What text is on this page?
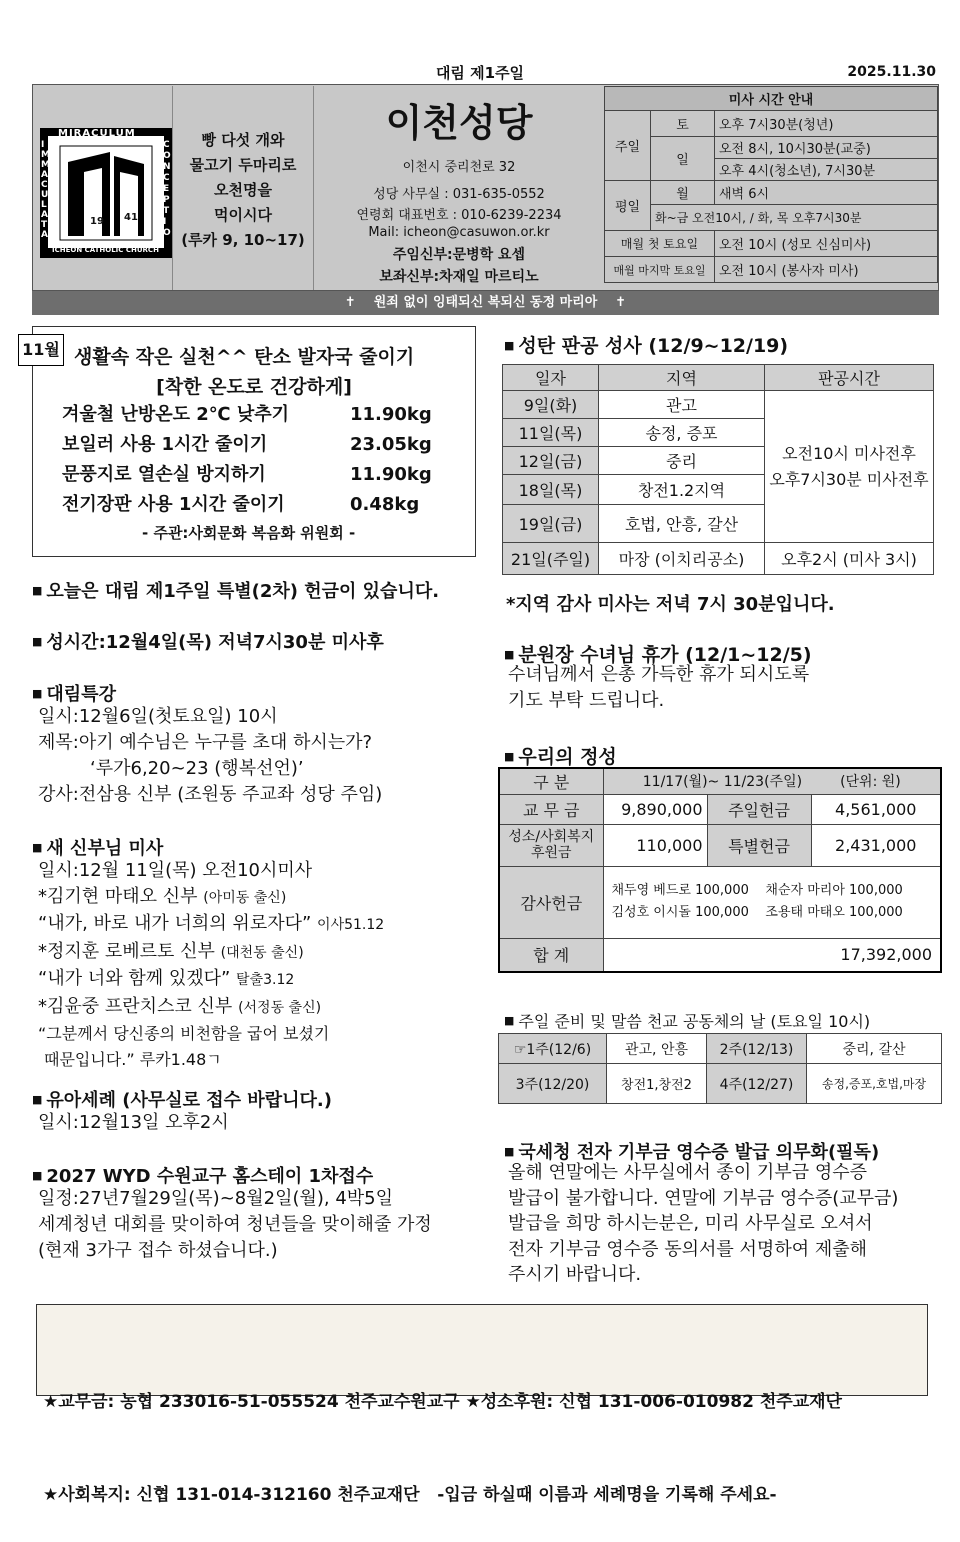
대림 제1주일	2025.11.30
MIRACULUM
ICHEON CATHOLIC CHURCH
IMMACULATA
CONCEPTIO
19 41
빵 다섯 개와
물고기 두마리로
오천명을
먹이시다
(루카 9, 10~17)
이천성당
이천시 중리천로 32
성당 사무실 : 031-635-0552
연령회 대표번호 : 010-6239-2234
Mail: icheon@casuwon.or.kr
주임신부:문병학 요셉
보좌신부:차재일 마르티노
미사 시간 안내		
주일	토	오후 7시30분(청년)
	일	오전 8시, 10시30분(교중)
		오후 4시(청소년), 7시30분
평일	월	새벽 6시
	화~금 오전10시, / 화, 목 오후7시30분	
매월 첫 토요일		오전 10시 (성모 신심미사)
매월 마지막 토요일		오전 10시 (봉사자 미사)
✝ 원죄 없이 잉태되신 복되신 동정 마리아 ✝
11월 생활속 작은 실천^^ 탄소 발자국 줄이기
[착한 온도로 건강하게]
겨울철 난방온도 2℃ 낮추기	11.90kg
보일러 사용 1시간 줄이기	23.05kg
문풍지로 열손실 방지하기	11.90kg
전기장판 사용 1시간 줄이기	0.48kg
- 주관:사회문화 복음화 위원회 -
■ 오늘은 대림 제1주일 특별(2차) 헌금이 있습니다.
■ 성시간:12월4일(목) 저녁7시30분 미사후
■ 대림특강
일시:12월6일(첫토요일) 10시
제목:아기 예수님은 누구를 초대 하시는가?
‘루가6,20~23 (행복선언)’
강사:전삼용 신부 (조원동 주교좌 성당 주임)
■ 새 신부님 미사
일시:12월 11일(목) 오전10시미사
*김기현 마태오 신부 (아미동 출신)
“내가, 바로 내가 너희의 위로자다” 이사51.12
*정지훈 로베르토 신부 (대천동 출신)
“내가 너와 함께 있겠다” 탈출3.12
*김윤중 프란치스코 신부 (서정동 출신)
“그분께서 당신종의 비천함을 굽어 보셨기
때문입니다.” 루카1.48ㄱ
■ 유아세례 (사무실로 접수 바랍니다.)
일시:12월13일 오후2시
■ 2027 WYD 수원교구 홈스테이 1차접수
일정:27년7월29일(목)~8월2일(월), 4박5일
세계청년 대회를 맞이하여 청년들을 맞이해줄 가정
(현재 3가구 접수 하셨습니다.)
■ 성탄 판공 성사 (12/9~12/19)
일자	지역	판공시간
9일(화)	관고	오전10시 미사전후
오후7시30분 미사전후

11일(목)	송정, 증포	
12일(금)	중리	
18일(목)	창전1.2지역	
19일(금)	호법, 안흥, 갈산	
21일(주일)	마장 (이치리공소)	오후2시 (미사 3시)
*지역 감사 미사는 저녁 7시 30분입니다.
■ 분원장 수녀님 휴가 (12/1~12/5)
수녀님께서 은총 가득한 휴가 되시도록
기도 부탁 드립니다.
■ 우리의 정성
구 분	11/17(월)~ 11/23(주일) (단위: 원)		
교 무 금	9,890,000	주일헌금	4,561,000
성소/사회복지후원금	110,000	특별헌금	2,431,000
감사헌금	채두영 베드로 100,000    채순자 마리아 100,000
김성호 이시돌 100,000    조용태 마태오 100,000		

합 계	17,392,000		
■ 주일 준비 및 말씀 천교 공동체의 날 (토요일 10시)
☞1주(12/6)	관고, 안흥	2주(12/13)	중리, 갈산
3주(12/20)	창전1,창전2	4주(12/27)	송정,증포,호법,마장
■ 국세청 전자 기부금 영수증 발급 의무화(필독)
올해 연말에는 사무실에서 종이 기부금 영수증
발급이 불가합니다. 연말에 기부금 영수증(교무금)
발급을 희망 하시는분은, 미리 사무실로 오셔서
전자 기부금 영수증 동의서를 서명하여 제출해
주시기 바랍니다.

★교무금: 농협 233016-51-055524 천주교수원교구 ★성소후원: 신협 131-006-010982 천주교재단

★사회복지: 신협 131-014-312160 천주교재단   -입금 하실때 이름과 세례명을 기록해 주세요-
